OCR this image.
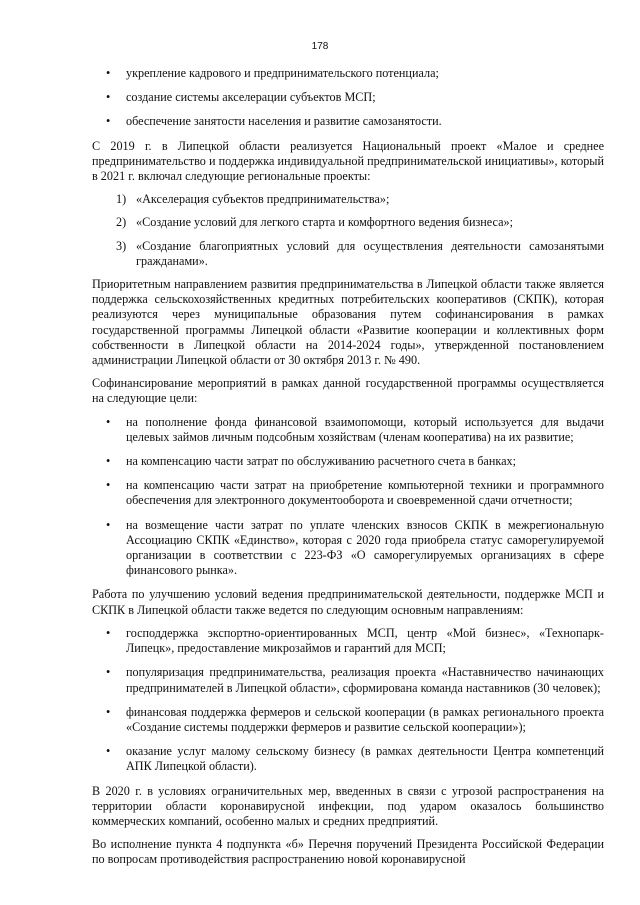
178
• укрепление кадрового и предпринимательского потенциала;
• создание системы акселерации субъектов МСП;
• обеспечение занятости населения и развитие самозанятости.

С 2019 г. в Липецкой области реализуется Национальный проект «Малое и среднее предпринимательство и поддержка индивидуальной предпринимательской инициативы», который в 2021 г. включал следующие региональные проекты:

1) «Акселерация субъектов предпринимательства»;
2) «Создание условий для легкого старта и комфортного ведения бизнеса»;
3) «Создание благоприятных условий для осуществления деятельности самозанятыми гражданами».

Приоритетным направлением развития предпринимательства в Липецкой области также является поддержка сельскохозяйственных кредитных потребительских кооперативов (СКПК), которая реализуются через муниципальные образования путем софинансирования в рамках государственной программы Липецкой области «Развитие кооперации и коллективных форм собственности в Липецкой области на 2014-2024 годы», утвержденной постановлением администрации Липецкой области от 30 октября 2013 г. № 490.

Софинансирование мероприятий в рамках данной государственной программы осуществляется на следующие цели:

• на пополнение фонда финансовой взаимопомощи, который используется для выдачи целевых займов личным подсобным хозяйствам (членам кооператива) на их развитие;
• на компенсацию части затрат по обслуживанию расчетного счета в банках;
• на компенсацию части затрат на приобретение компьютерной техники и программного обеспечения для электронного документооборота и своевременной сдачи отчетности;
• на возмещение части затрат по уплате членских взносов СКПК в межрегиональную Ассоциацию СКПК «Единство», которая с 2020 года приобрела статус саморегулируемой организации в соответствии с 223-ФЗ «О саморегулируемых организациях в сфере финансового рынка».

Работа по улучшению условий ведения предпринимательской деятельности, поддержке МСП и СКПК в Липецкой области также ведется по следующим основным направлениям:

• господдержка экспортно-ориентированных МСП, центр «Мой бизнес», «Технопарк-Липецк», предоставление микрозаймов и гарантий для МСП;
• популяризация предпринимательства, реализация проекта «Наставничество начинающих предпринимателей в Липецкой области», сформирована команда наставников (30 человек);
• финансовая поддержка фермеров и сельской кооперации (в рамках регионального проекта «Создание системы поддержки фермеров и развитие сельской кооперации»);
• оказание услуг малому сельскому бизнесу (в рамках деятельности Центра компетенций АПК Липецкой области).

В 2020 г. в условиях ограничительных мер, введенных в связи с угрозой распространения на территории области коронавирусной инфекции, под ударом оказалось большинство коммерческих компаний, особенно малых и средних предприятий.

Во исполнение пункта 4 подпункта «б» Перечня поручений Президента Российской Федерации по вопросам противодействия распространению новой коронавирусной
